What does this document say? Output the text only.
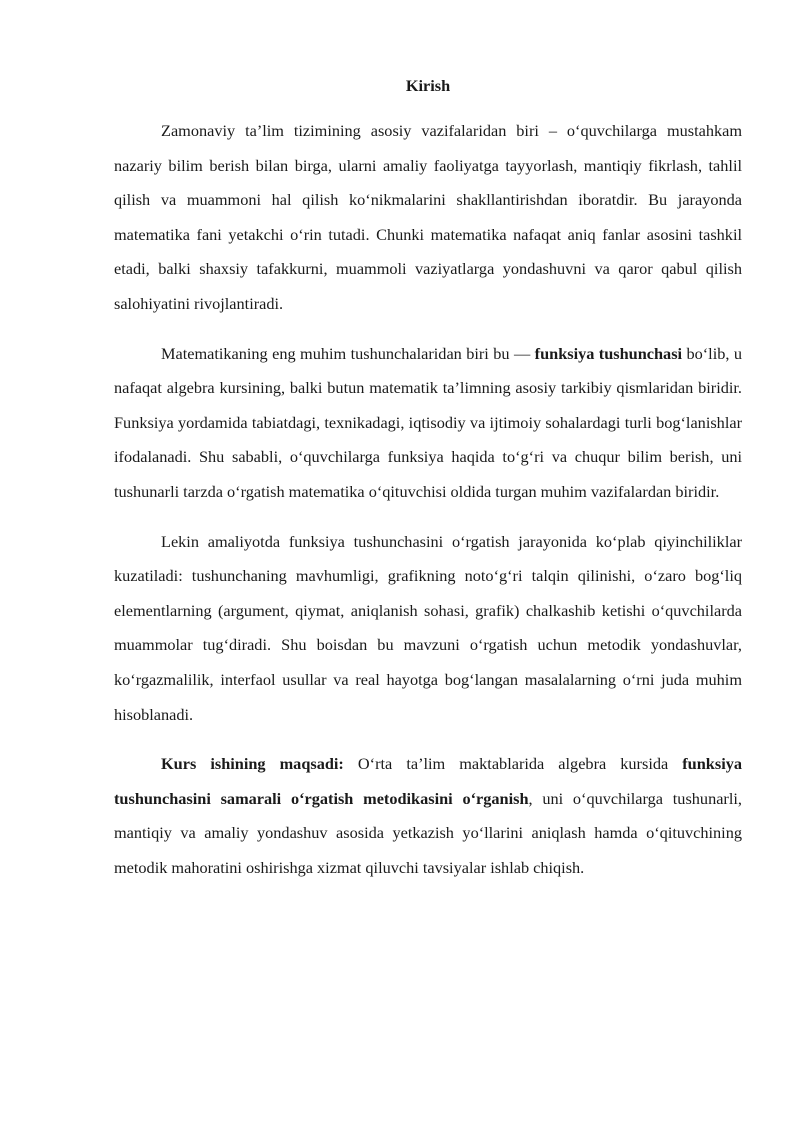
Kirish

Zamonaviy ta’lim tizimining asosiy vazifalaridan biri – o‘quvchilarga mustahkam nazariy bilim berish bilan birga, ularni amaliy faoliyatga tayyorlash, mantiqiy fikrlash, tahlil qilish va muammoni hal qilish ko‘nikmalarini shakllantirishdan iboratdir. Bu jarayonda matematika fani yetakchi o‘rin tutadi. Chunki matematika nafaqat aniq fanlar asosini tashkil etadi, balki shaxsiy tafakkurni, muammoli vaziyatlarga yondashuvni va qaror qabul qilish salohiyatini rivojlantiradi.

Matematikaning eng muhim tushunchalaridan biri bu — funksiya tushunchasi bo‘lib, u nafaqat algebra kursining, balki butun matematik ta’limning asosiy tarkibiy qismlaridan biridir. Funksiya yordamida tabiatdagi, texnikadagi, iqtisodiy va ijtimoiy sohalardagi turli bog‘lanishlar ifodalanadi. Shu sababli, o‘quvchilarga funksiya haqida to‘g‘ri va chuqur bilim berish, uni tushunarli tarzda o‘rgatish matematika o‘qituvchisi oldida turgan muhim vazifalardan biridir.

Lekin amaliyotda funksiya tushunchasini o‘rgatish jarayonida ko‘plab qiyinchiliklar kuzatiladi: tushunchaning mavhumligi, grafikning noto‘g‘ri talqin qilinishi, o‘zaro bog‘liq elementlarning (argument, qiymat, aniqlanish sohasi, grafik) chalkashib ketishi o‘quvchilarda muammolar tug‘diradi. Shu boisdan bu mavzuni o‘rgatish uchun metodik yondashuvlar, ko‘rgazmalilik, interfaol usullar va real hayotga bog‘langan masalalarning o‘rni juda muhim hisoblanadi.

Kurs ishining maqsadi: O‘rta ta’lim maktablarida algebra kursida funksiya tushunchasini samarali o‘rgatish metodikasini o‘rganish, uni o‘quvchilarga tushunarli, mantiqiy va amaliy yondashuv asosida yetkazish yo‘llarini aniqlash hamda o‘qituvchining metodik mahoratini oshirishga xizmat qiluvchi tavsiyalar ishlab chiqish.
